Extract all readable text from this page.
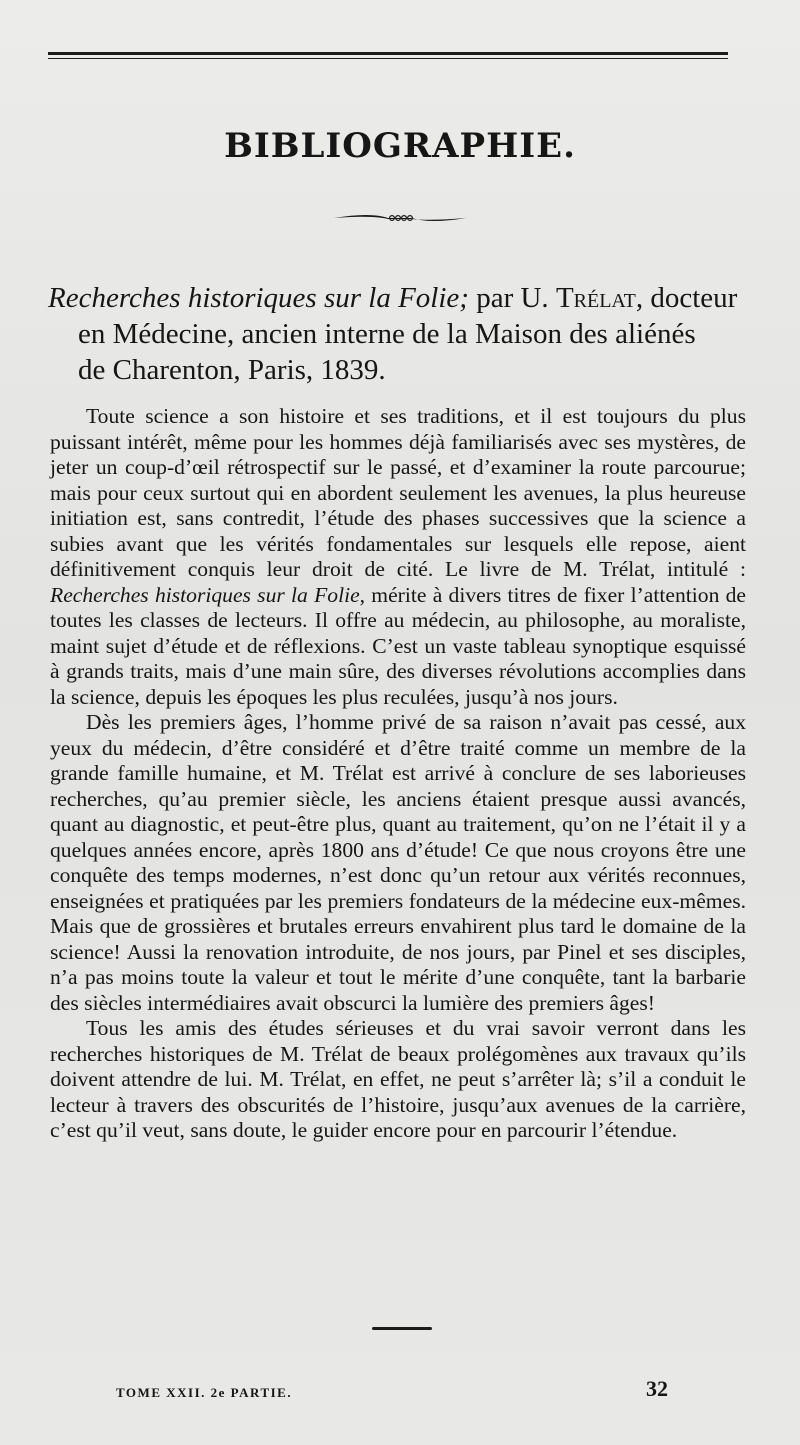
BIBLIOGRAPHIE.
Recherches historiques sur la Folie; par U. Trélat, docteur
en Médecine, ancien interne de la Maison des aliénés
de Charenton, Paris, 1839.

Toute science a son histoire et ses traditions, et il est toujours du plus puissant intérêt, même pour les hommes déjà familiarisés avec ses mystères, de jeter un coup-d’œil rétrospectif sur le passé, et d’examiner la route parcourue; mais pour ceux surtout qui en abordent seulement les avenues, la plus heureuse initiation est, sans contredit, l’étude des phases successives que la science a subies avant que les vérités fondamentales sur lesquels elle repose, aient définitivement conquis leur droit de cité. Le livre de M. Trélat, intitulé : Recherches historiques sur la Folie, mérite à divers titres de fixer l’attention de toutes les classes de lecteurs. Il offre au médecin, au philosophe, au moraliste, maint sujet d’étude et de réflexions. C’est un vaste tableau synoptique esquissé à grands traits, mais d’une main sûre, des diverses révolutions accomplies dans la science, depuis les époques les plus reculées, jusqu’à nos jours.

Dès les premiers âges, l’homme privé de sa raison n’avait pas cessé, aux yeux du médecin, d’être considéré et d’être traité comme un membre de la grande famille humaine, et M. Trélat est arrivé à conclure de ses laborieuses recherches, qu’au premier siècle, les anciens étaient presque aussi avancés, quant au diagnostic, et peut-être plus, quant au traitement, qu’on ne l’était il y a quelques années encore, après 1800 ans d’étude! Ce que nous croyons être une conquête des temps modernes, n’est donc qu’un retour aux vérités reconnues, enseignées et pratiquées par les premiers fondateurs de la médecine eux-mêmes. Mais que de grossières et brutales erreurs envahirent plus tard le domaine de la science! Aussi la renovation introduite, de nos jours, par Pinel et ses disciples, n’a pas moins toute la valeur et tout le mérite d’une conquête, tant la barbarie des siècles intermédiaires avait obscurci la lumière des premiers âges!

Tous les amis des études sérieuses et du vrai savoir verront dans les recherches historiques de M. Trélat de beaux prolégomènes aux travaux qu’ils doivent attendre de lui. M. Trélat, en effet, ne peut s’arrêter là; s’il a conduit le lecteur à travers des obscurités de l’histoire, jusqu’aux avenues de la carrière, c’est qu’il veut, sans doute, le guider encore pour en parcourir l’étendue.

TOME XXII. 2e PARTIE.	32
